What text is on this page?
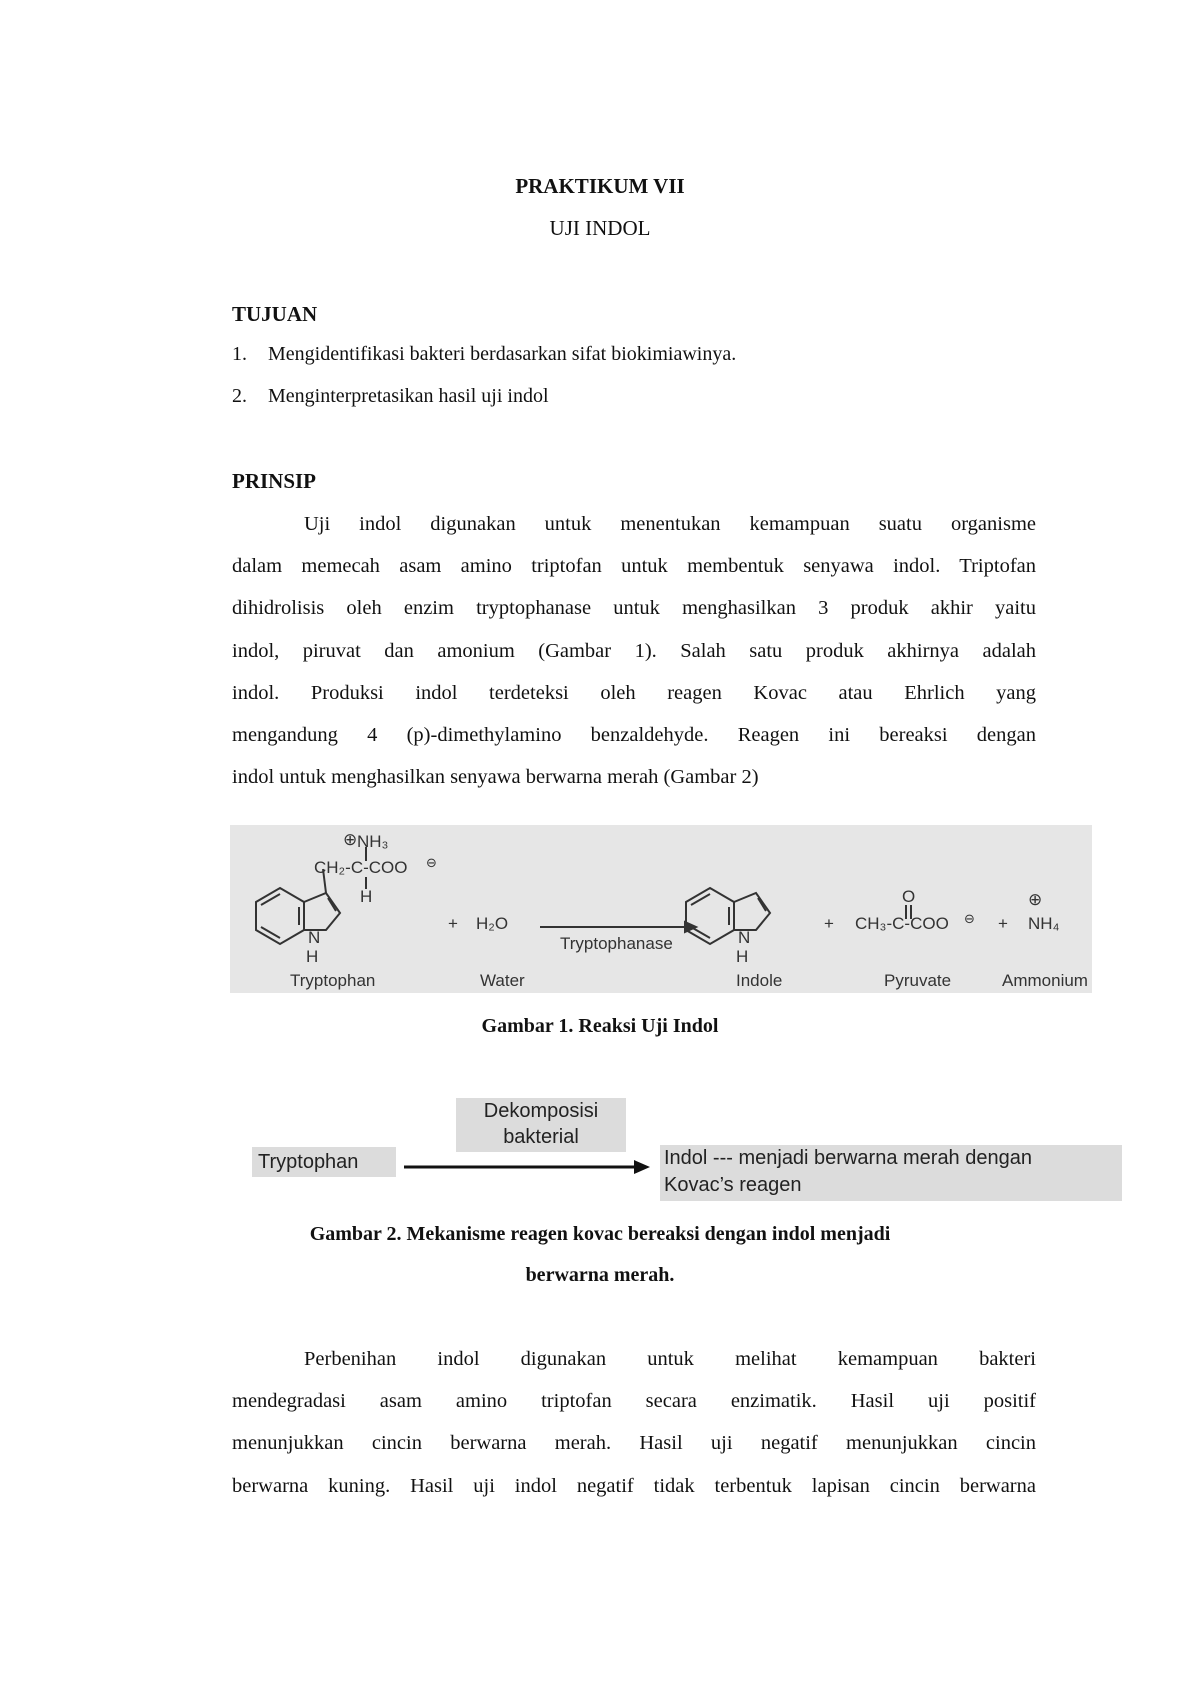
PRAKTIKUM VII
UJI INDOL
TUJUAN
1. Mengidentifikasi bakteri berdasarkan sifat biokimiawinya.
2. Menginterpretasikan hasil uji indol
PRINSIP
Uji indol digunakan untuk menentukan kemampuan suatu organisme
dalam memecah asam amino triptofan untuk membentuk senyawa indol. Triptofan
dihidrolisis oleh enzim tryptophanase untuk menghasilkan 3 produk akhir yaitu
indol, piruvat dan amonium (Gambar 1). Salah satu produk akhirnya adalah
indol. Produksi indol terdeteksi oleh reagen Kovac atau Ehrlich yang
mengandung 4 (p)-dimethylamino benzaldehyde. Reagen ini bereaksi dengan
indol untuk menghasilkan senyawa berwarna merah (Gambar 2)
⊕ NH₃
CH₂-C-COO ⊖
H
N
H
+ H₂O
Tryptophanase	N
H
+
O
CH₃-C-COO ⊖ +
⊕
NH₄
Tryptophan	Water	Indole	Pyruvate	Ammonium
Gambar 1. Reaksi Uji Indol
Dekomposisi
bakterial
Tryptophan	Indol --- menjadi berwarna merah dengan
Kovac’s reagen
Gambar 2. Mekanisme reagen kovac bereaksi dengan indol menjadi
berwarna merah.
Perbenihan indol digunakan untuk melihat kemampuan bakteri
mendegradasi asam amino triptofan secara enzimatik. Hasil uji positif
menunjukkan cincin berwarna merah. Hasil uji negatif menunjukkan cincin
berwarna kuning. Hasil uji indol negatif tidak terbentuk lapisan cincin berwarna
